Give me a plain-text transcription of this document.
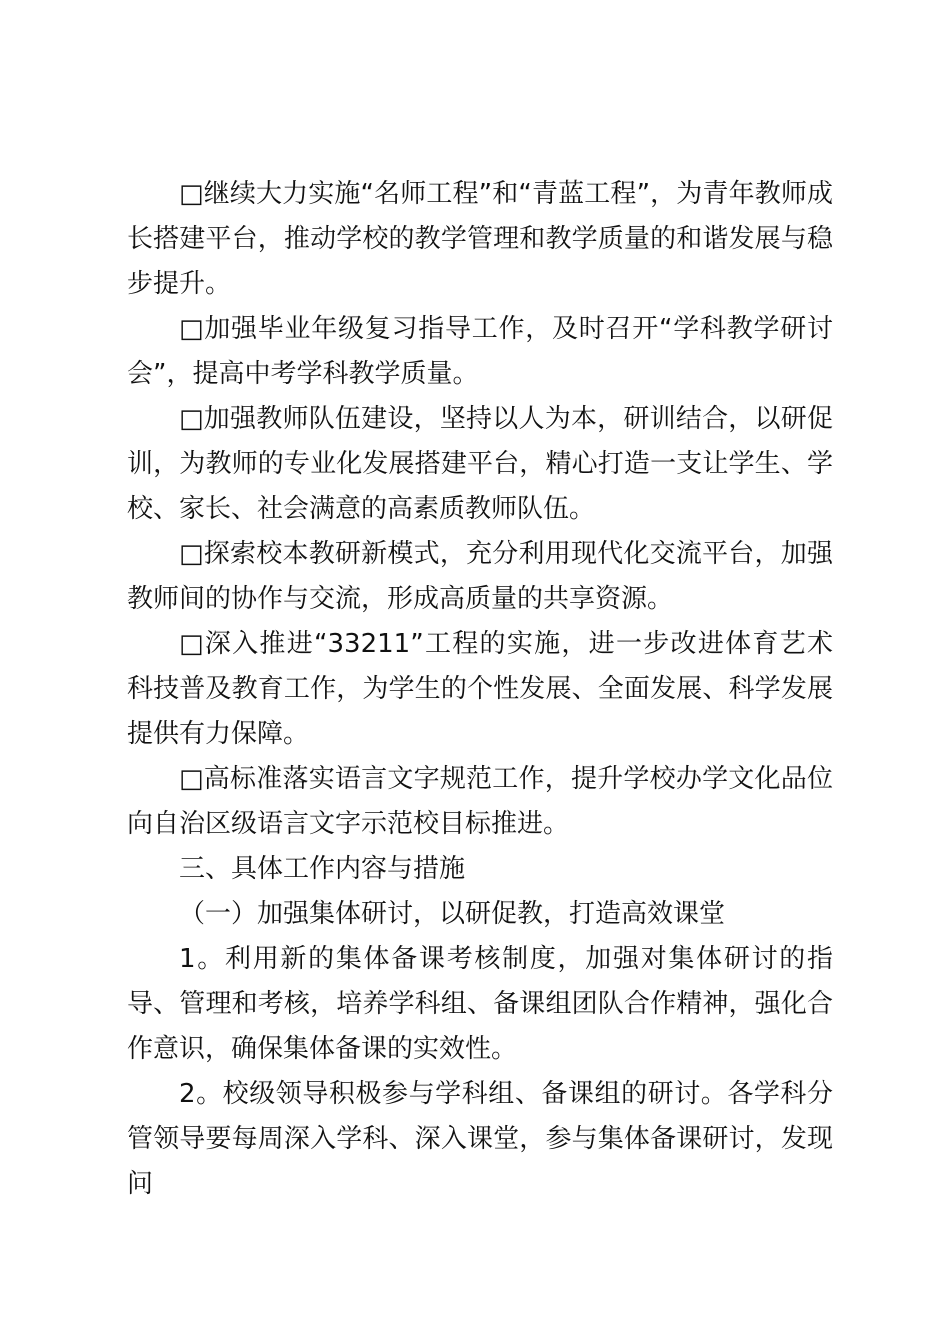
□继续大力实施“名师工程”和“青蓝工程”，为青年教师成长搭建平台，推动学校的教学管理和教学质量的和谐发展与稳步提升。

□加强毕业年级复习指导工作，及时召开“学科教学研讨会”，提高中考学科教学质量。

□加强教师队伍建设，坚持以人为本，研训结合，以研促训，为教师的专业化发展搭建平台，精心打造一支让学生、学校、家长、社会满意的高素质教师队伍。

□探索校本教研新模式，充分利用现代化交流平台，加强教师间的协作与交流，形成高质量的共享资源。

□深入推进“33211”工程的实施，进一步改进体育艺术科技普及教育工作，为学生的个性发展、全面发展、科学发展提供有力保障。

□高标准落实语言文字规范工作，提升学校办学文化品位向自治区级语言文字示范校目标推进。

三、具体工作内容与措施

（一）加强集体研讨，以研促教，打造高效课堂

1。利用新的集体备课考核制度，加强对集体研讨的指导、管理和考核，培养学科组、备课组团队合作精神，强化合作意识，确保集体备课的实效性。

2。校级领导积极参与学科组、备课组的研讨。各学科分管领导要每周深入学科、深入课堂，参与集体备课研讨，发现问
